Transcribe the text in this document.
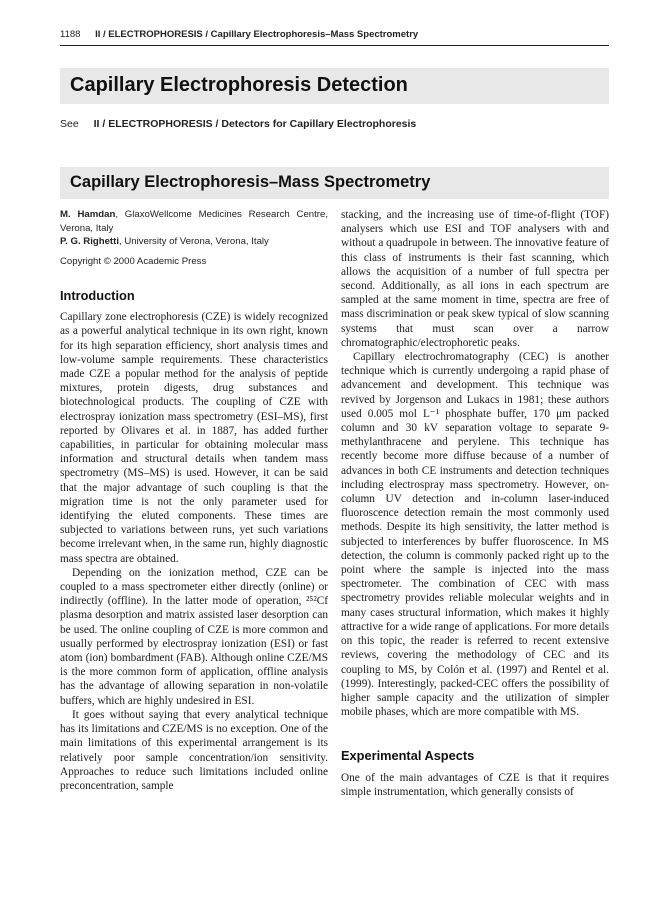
1188 II / ELECTROPHORESIS / Capillary Electrophoresis–Mass Spectrometry
Capillary Electrophoresis Detection
See II / ELECTROPHORESIS / Detectors for Capillary Electrophoresis
Capillary Electrophoresis–Mass Spectrometry
M. Hamdan, GlaxoWellcome Medicines Research Centre, Verona, Italy
P. G. Righetti, University of Verona, Verona, Italy
Copyright © 2000 Academic Press
Introduction

Capillary zone electrophoresis (CZE) is widely recognized as a powerful analytical technique in its own right, known for its high separation efficiency, short analysis times and low-volume sample requirements. These characteristics made CZE a popular method for the analysis of peptide mixtures, protein digests, drug substances and biotechnological products. The coupling of CZE with electrospray ionization mass spectrometry (ESI–MS), first reported by Olivares et al. in 1887, has added further capabilities, in particular for obtaining molecular mass information and structural details when tandem mass spectrometry (MS–MS) is used. However, it can be said that the major advantage of such coupling is that the migration time is not the only parameter used for identifying the eluted components. These times are subjected to variations between runs, yet such variations become irrelevant when, in the same run, highly diagnostic mass spectra are obtained.

Depending on the ionization method, CZE can be coupled to a mass spectrometer either directly (online) or indirectly (offline). In the latter mode of operation, ²⁵²Cf plasma desorption and matrix assisted laser desorption can be used. The online coupling of CZE is more common and usually performed by electrospray ionization (ESI) or fast atom (ion) bombardment (FAB). Although online CZE/MS is the more common form of application, offline analysis has the advantage of allowing separation in non-volatile buffers, which are highly undesired in ESI.

It goes without saying that every analytical technique has its limitations and CZE/MS is no exception. One of the main limitations of this experimental arrangement is its relatively poor sample concentration/ion sensitivity. Approaches to reduce such limitations included online preconcentration, sample

stacking, and the increasing use of time-of-flight (TOF) analysers which use ESI and TOF analysers with and without a quadrupole in between. The innovative feature of this class of instruments is their fast scanning, which allows the acquisition of a number of full spectra per second. Additionally, as all ions in each spectrum are sampled at the same moment in time, spectra are free of mass discrimination or peak skew typical of slow scanning systems that must scan over a narrow chromatographic/electrophoretic peaks.

Capillary electrochromatography (CEC) is another technique which is currently undergoing a rapid phase of advancement and development. This technique was revived by Jorgenson and Lukacs in 1981; these authors used 0.005 mol L⁻¹ phosphate buffer, 170 μm packed column and 30 kV separation voltage to separate 9-methylanthracene and perylene. This technique has recently become more diffuse because of a number of advances in both CE instruments and detection techniques including electrospray mass spectrometry. However, on-column UV detection and in-column laser-induced fluoroscence detection remain the most commonly used methods. Despite its high sensitivity, the latter method is subjected to interferences by buffer fluoroscence. In MS detection, the column is commonly packed right up to the point where the sample is injected into the mass spectrometer. The combination of CEC with mass spectrometry provides reliable molecular weights and in many cases structural information, which makes it highly attractive for a wide range of applications. For more details on this topic, the reader is referred to recent extensive reviews, covering the methodology of CEC and its coupling to MS, by Colón et al. (1997) and Rentel et al. (1999). Interestingly, packed-CEC offers the possibility of higher sample capacity and the utilization of simpler mobile phases, which are more compatible with MS.

Experimental Aspects

One of the main advantages of CZE is that it requires simple instrumentation, which generally consists of
